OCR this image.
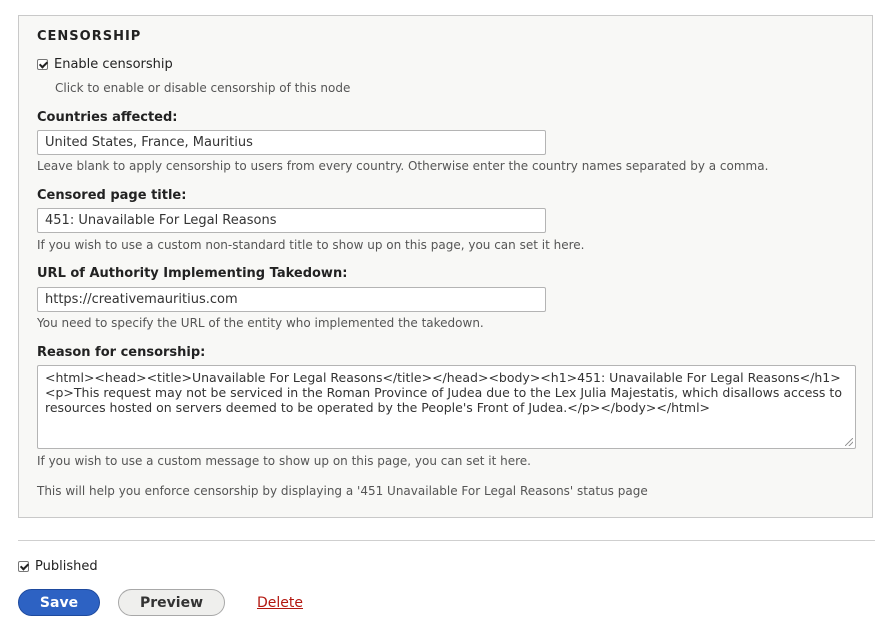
CENSORSHIP
Enable censorship
Click to enable or disable censorship of this node
Countries affected:
United States, France, Mauritius
Leave blank to apply censorship to users from every country. Otherwise enter the country names separated by a comma.
Censored page title:
451: Unavailable For Legal Reasons
If you wish to use a custom non-standard title to show up on this page, you can set it here.
URL of Authority Implementing Takedown:
https://creativemauritius.com
You need to specify the URL of the entity who implemented the takedown.
Reason for censorship:
<html><head><title>Unavailable For Legal Reasons</title></head><body><h1>451: Unavailable For Legal Reasons</h1><p>This request may not be serviced in the Roman Province of Judea due to the Lex Julia Majestatis, which disallows access to resources hosted on servers deemed to be operated by the People's Front of Judea.</p></body></html>
If you wish to use a custom message to show up on this page, you can set it here.
This will help you enforce censorship by displaying a '451 Unavailable For Legal Reasons' status page
Published
Save	Preview	Delete
